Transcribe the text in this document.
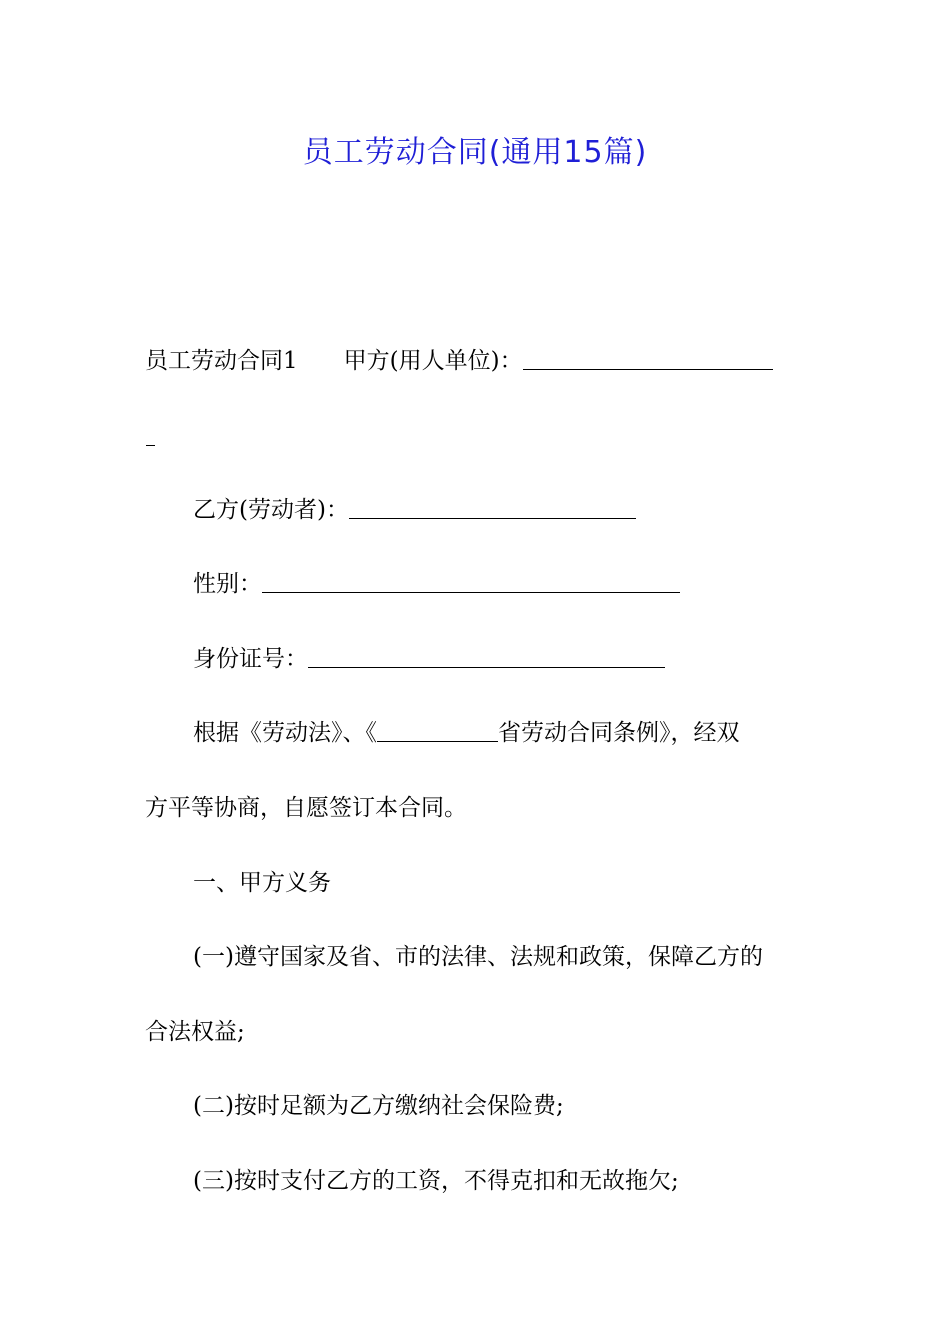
员工劳动合同(通用15篇)
员工劳动合同1 甲方(用人单位)：
乙方(劳动者)：
性别：
身份证号：
根据《劳动法》、《	省劳动合同条例》，经双
方平等协商，自愿签订本合同。
一、甲方义务
(一)遵守国家及省、市的法律、法规和政策，保障乙方的
合法权益;
(二)按时足额为乙方缴纳社会保险费;
(三)按时支付乙方的工资，不得克扣和无故拖欠;
